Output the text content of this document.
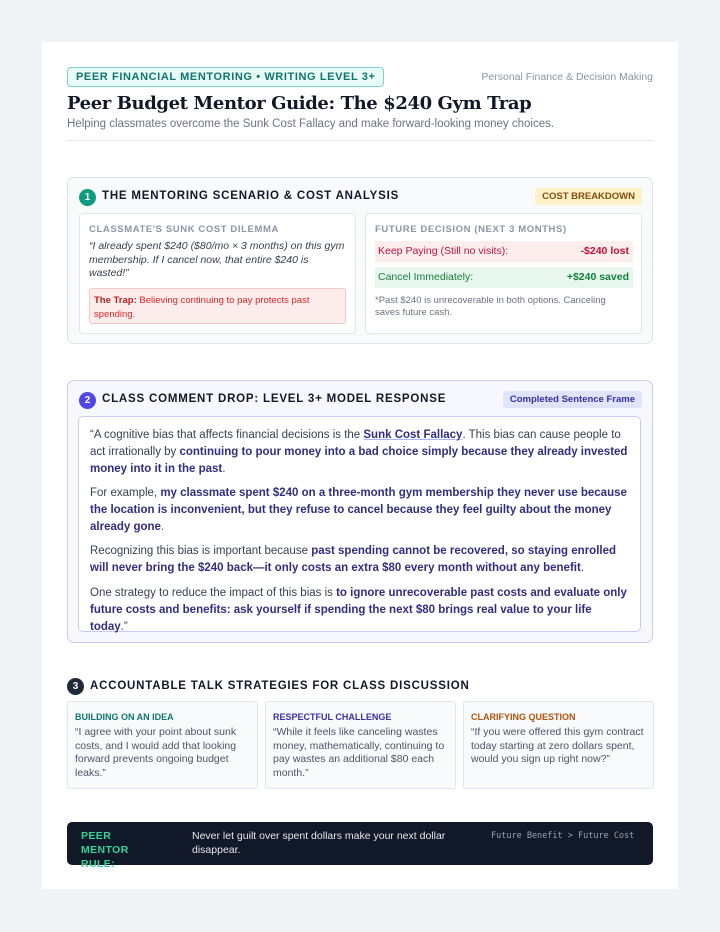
PEER FINANCIAL MENTORING • WRITING LEVEL 3+	Personal Finance & Decision Making
Peer Budget Mentor Guide: The $240 Gym Trap
Helping classmates overcome the Sunk Cost Fallacy and make forward-looking money choices.
1	THE MENTORING SCENARIO & COST ANALYSIS	COST BREAKDOWN
CLASSMATE'S SUNK COST DILEMMA
“I already spent $240 ($80/mo × 3 months) on this gym membership. If I cancel now, that entire $240 is wasted!”
The Trap: Believing continuing to pay protects past spending.
FUTURE DECISION (NEXT 3 MONTHS)
Keep Paying (Still no visits):	-$240 lost
Cancel Immediately:	+$240 saved
*Past $240 is unrecoverable in both options. Canceling saves future cash.
2	CLASS COMMENT DROP: LEVEL 3+ MODEL RESPONSE	Completed Sentence Frame
“A cognitive bias that affects financial decisions is the Sunk Cost Fallacy. This bias can cause people to act irrationally by continuing to pour money into a bad choice simply because they already invested money into it in the past.
For example, my classmate spent $240 on a three-month gym membership they never use because the location is inconvenient, but they refuse to cancel because they feel guilty about the money already gone.
Recognizing this bias is important because past spending cannot be recovered, so staying enrolled will never bring the $240 back—it only costs an extra $80 every month without any benefit.
One strategy to reduce the impact of this bias is to ignore unrecoverable past costs and evaluate only future costs and benefits: ask yourself if spending the next $80 brings real value to your life today.”
3	ACCOUNTABLE TALK STRATEGIES FOR CLASS DISCUSSION
BUILDING ON AN IDEA
“I agree with your point about sunk costs, and I would add that looking forward prevents ongoing budget leaks.”
RESPECTFUL CHALLENGE
“While it feels like canceling wastes money, mathematically, continuing to pay wastes an additional $80 each month.”
CLARIFYING QUESTION
“If you were offered this gym contract today starting at zero dollars spent, would you sign up right now?”
PEER MENTOR RULE:
Never let guilt over spent dollars make your next dollar disappear.
Future Benefit > Future Cost
